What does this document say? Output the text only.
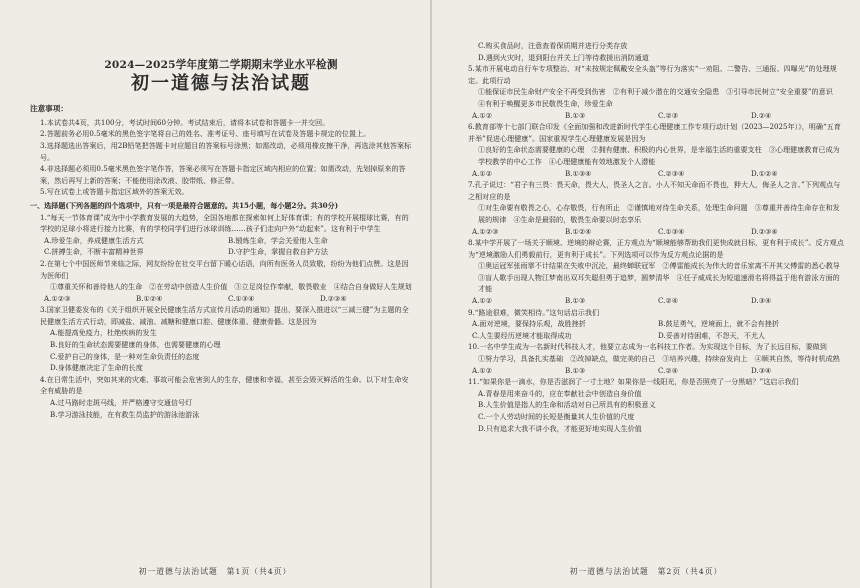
2024—2025学年度第二学期期末学业水平检测
初一道德与法治试题
注意事项：
1.本试卷共4页，共100分，考试时间60分钟。考试结束后，请将本试卷和答题卡一并交回。
2.答题前务必用0.5毫米的黑色签字笔将自己的姓名、准考证号、座号填写在试卷及答题卡规定的位置上。
3.选择题选出答案后，用2B铅笔把答题卡对应题目的答案标号涂黑；如需改动，必须用橡皮擦干净，再选涂其他答案标号。
4.非选择题必须用0.5毫米黑色签字笔作答，答案必须写在答题卡指定区域内相应的位置；如需改动，先划掉原来的答案，然后再写上新的答案；不能使用涂改液、胶带纸、修正带。
5.写在试卷上或答题卡指定区域外的答案无效。
一、选择题(下列各题的四个选项中，只有一项是最符合题意的。共15小题，每小题2分。共30分)
1.“每天一节体育课”成为中小学教育发展的大趋势，全国各地都在探索如何上好体育课；有的学校开展棍球比赛，有的学校的足球小将进行接力比赛，有的学校同学们进行冰球训练……孩子们走向户外“动起来”。这有利于中学生
A.珍爱生命，养成健康生活方式	B.锻炼生命，学会关爱他人生命
C.拼搏生命，不断丰富精神世界	D.守护生命，掌握自救自护方法
2.在第七个中国医师节来临之际，网友纷纷在社交平台留下暖心话语，向所有医务人员致敬，纷纷为他们点赞。这是因为医师们
①尊重关怀和善待他人的生命　②在劳动中创造人生价值　③立足岗位作奉献，敬畏敬业　④结合自身做好人生规划
A.①②③	B.①②④	C.①③④	D.②③④
3.国家卫健委发布的《关于组织开展全民健康生活方式宣传月活动的通知》提出，要深入推进以“三减三健”为主题的全民健康生活方式行动，即减盐、减油、减糖和健康口腔、健康体重、健康骨骼。这是因为
A.能提高免疫力，杜绝疾病的发生
B.良好的生命状态需要健康的身体，也需要健康的心理
C.爱护自己的身体，是一种对生命负责任的态度
D.身体健康决定了生命的长度
4.在日常生活中，突如其来的灾难、事故可能会危害到人的生存，健康和幸福，甚至会毁灭鲜活的生命。以下对生命安全有威胁的是
A.过马路时走斑马线，并严格遵守交通信号灯
B.学习游泳技能，在有救生员监护的游泳池游泳
初一道德与法治试题　第1页（共4页）
C.购买食品时，注意查看保质期并进行分类存放
D.遇到火灾时，退到阳台并关上门等待救援出消防通道
5.某市开展电动自行车专项整治，对“未按规定佩戴安全头盔”等行为落实“一劝阻、二警告、三通报、四曝光”的处理规定。此项行动
①能保证市民生命财产安全不再受到伤害　②有利于减少潜在的交通安全隐患　③引导市民树立“安全重要”的意识　④有利于唤醒更多市民敬畏生命，珍爱生命
A.①②	B.①③	C.②③	D.②④
6.教育部等十七部门联合印发《全面加强和改进新时代学生心理健康工作专项行动计划（2023—2025年）》，明确“五育并举”促进心理健康”。国家重视学生心理健康发展是因为
①良好的生命状态需要健康的心理　②拥有健康、积极的内心世界，是幸福生活的重要支柱　③心理健康教育已成为学校教学的中心工作　④心理健康能有效地激发个人潜能
A.①②	B.①③④	C.②③④	D.①②④
7.孔子说过：“君子有三畏：畏天命，畏大人，畏圣人之言。小人不知天命而不畏也，狎大人，侮圣人之言。”下列观点与之相对应的是
①对生命要有敬畏之心，心存敬畏，行有所止　②谨慎地对待生命关系，处理生命问题　③尊重并善待生命存在和发展的规律　④生命是最弱的，敬畏生命要以时态享乐
A.①②③	B.①②④	C.①③④	D.②③④
8.某中学开展了一场关于顺境、逆境的辩论赛，正方观点为“顺境能够帮助我们更快成就目标，更有利于成长”。反方观点为“逆境激励人们勇毅前行，更有利于成长”。下列选项可以作为反方观点论据的是
①奥运冠军张雨霏不计结果在失败中沉沦，最终蝉联冠军　②傅雷能成长为伟大的音乐家离不开其父傅雷的悉心教导　③盲人歌手出现人物江梦南出双耳失聪但勇于追梦，圆梦清华　④任子威成长为短道速滑名将得益于他有游泳方面的才能
A.①②	B.①③	C.②④	D.③④
9.“路途很难，微笑相待。”这句话启示我们
A.面对逆境，要保持乐观，战胜挫折	B.鼓足勇气，逆境面上，就不会有挫折
C.人生要经历逆境才能取得成功	D.妥善对待困难，不怨天，不尤人
10.一名中学生成为一名新时代科技人才，他要立志成为一名科技工作者。为实现这个目标，为了长远目标，要做到
①努力学习，具备扎实基础　②改掉缺点，做完美的自己　③培养兴趣，持续奋发向上　④顺其自然，等待时机成熟
A.①②	B.①③	C.②④	D.③④
11.“如果你是一滴水，你是否滋润了一寸土地？如果你是一线阳光，你是否照亮了一分黑暗？”这启示我们
A.青春是用来奋斗的，应在奉献社会中创造自身价值
B.人生价值是指人的生命和活动对自己所具有的积极意义
C.一个人劳动时间的长短是衡量其人生价值的尺度
D.只有追求大我不讲小我，才能更好地实现人生价值
初一道德与法治试题　第2页（共4页）
